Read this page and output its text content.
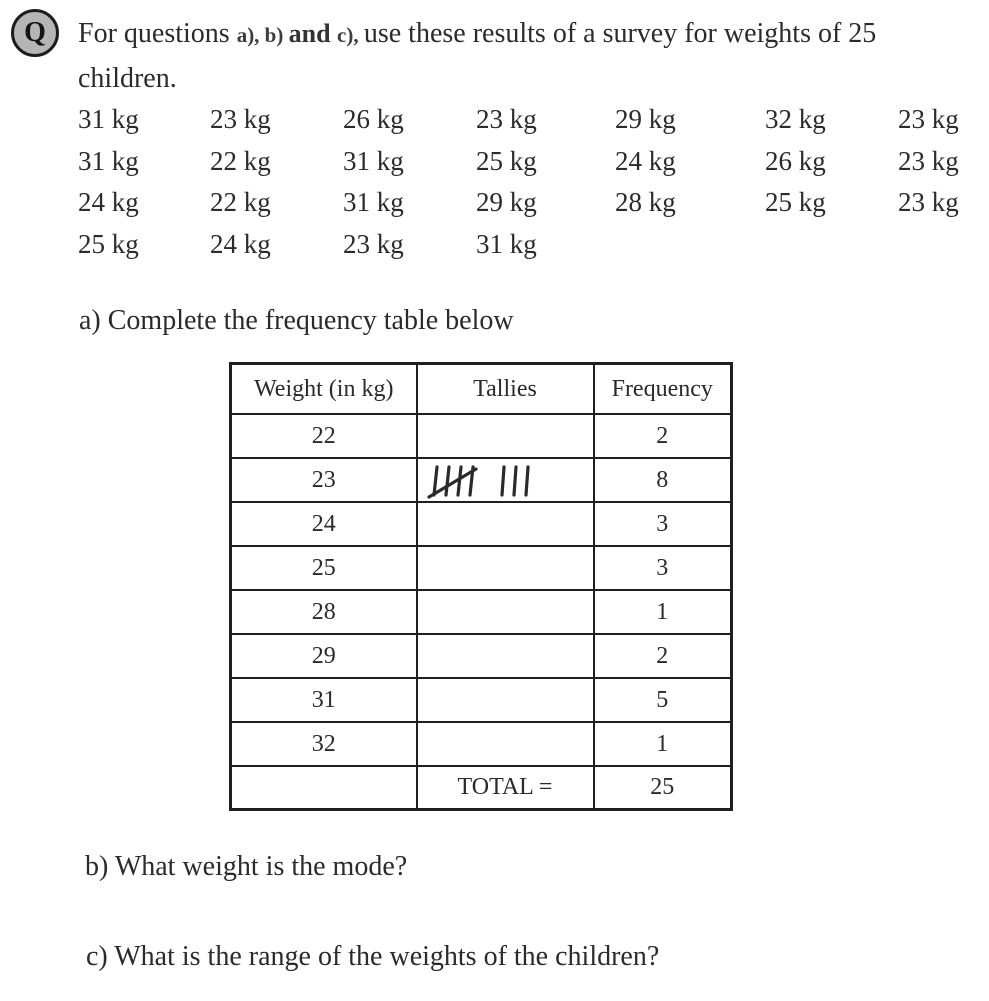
Q For questions a), b) and c), use these results of a survey for weights of 25
children.
31 kg	23 kg	26 kg	23 kg	29 kg	32 kg	23 kg
31 kg	22 kg	31 kg	25 kg	24 kg	26 kg	23 kg
24 kg	22 kg	31 kg	29 kg	28 kg	25 kg	23 kg
25 kg	24 kg	23 kg	31 kg
a) Complete the frequency table below
Weight (in kg)	Tallies	Frequency
22		2
23		8
24		3
25		3
28		1
29		2
31		5
32		1
	TOTAL =	25
b) What weight is the mode?
c) What is the range of the weights of the children?
